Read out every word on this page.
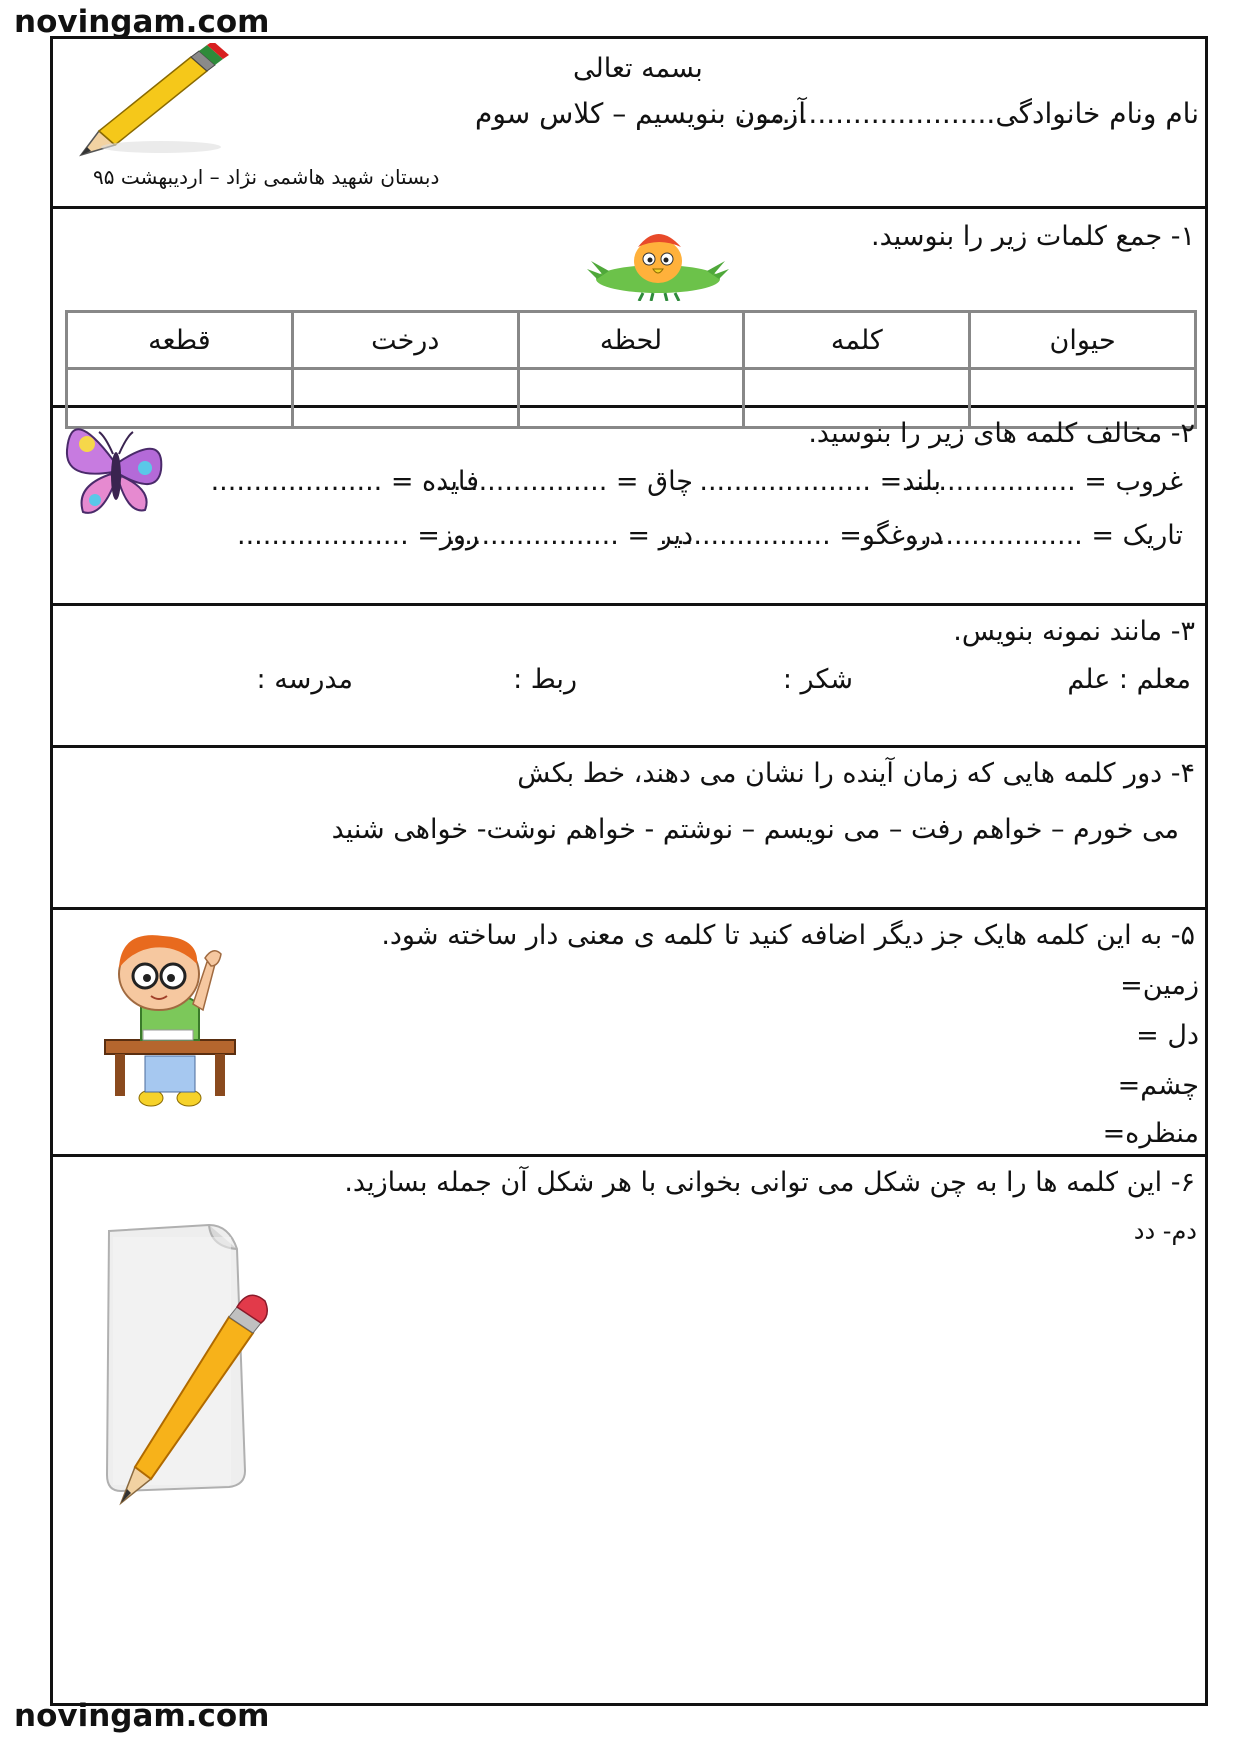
novingam.com
novingam.com
بسمه تعالی
نام ونام خانوادگی.............................
آزمون بنویسیم – کلاس سوم
دبستان شهید هاشمی نژاد – اردیبهشت ۹۵
۱- جمع کلمات زیر را بنوسید.
حیوان	کلمه	لحظه	درخت	قطعه

۲- مخالف کلمه های زیر را بنوسید.
غروب = ....................
بلند= ....................
چاق = ....................
فایده = ....................
تاریک = ....................
دروغگو= ....................
دیر = ....................
روز= ....................
۳- مانند نمونه بنویس.
معلم : علم
شکر :
ربط :
مدرسه :
۴- دور کلمه هایی که زمان آینده را نشان می دهند، خط بکش
می خورم – خواهم رفت – می نویسم – نوشتم - خواهم نوشت- خواهی شنید
۵- به این کلمه هایک جز دیگر اضافه کنید تا کلمه ی معنی دار ساخته شود.
زمین=
دل =
چشم=
منظره=
۶- این کلمه ها را به چن شکل می توانی بخوانی با هر شکل آن جمله بسازید.
دم- دد
